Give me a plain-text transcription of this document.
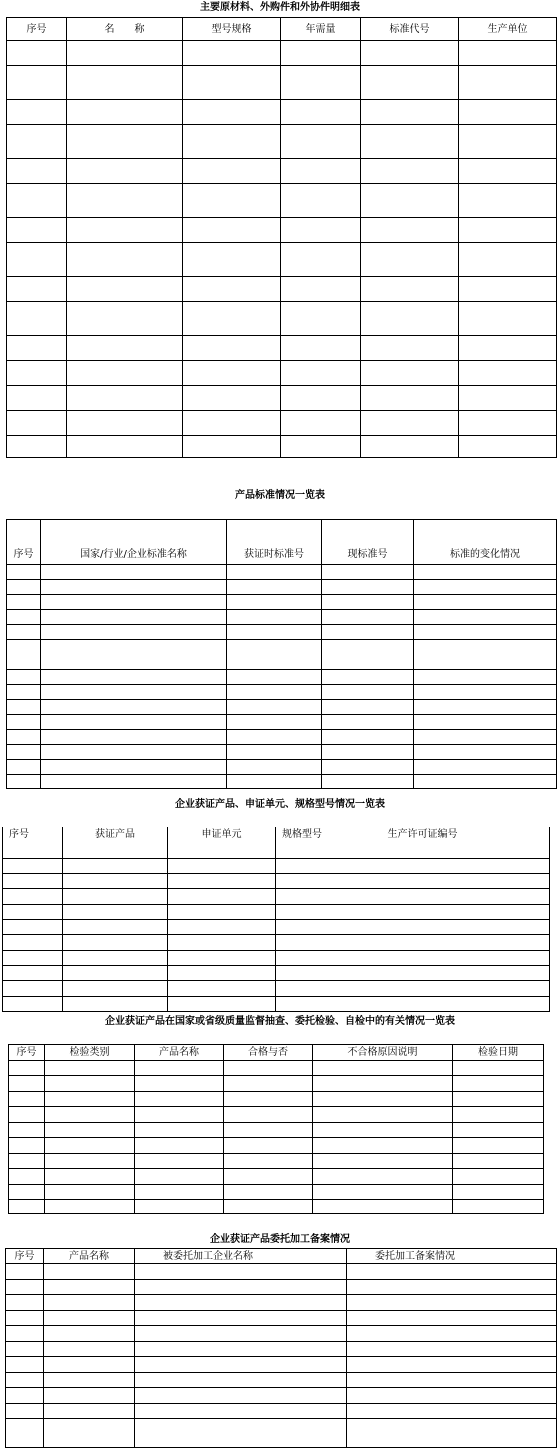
主要原材料、外购件和外协件明细表
序号	名　　称	型号规格	年需量	标准代号	生产单位

产品标准情况一览表
序号	国家/行业/企业标准名称	获证时标准号	现标准号	标准的变化情况

企业获证产品、申证单元、规格型号情况一览表
序号	获证产品	申证单元	规格型号	生产许可证编号

企业获证产品在国家或省级质量监督抽查、委托检验、自检中的有关情况一览表
序号	检验类别	产品名称	合格与否	不合格原因说明	检验日期

企业获证产品委托加工备案情况
序号	产品名称	被委托加工企业名称	委托加工备案情况
